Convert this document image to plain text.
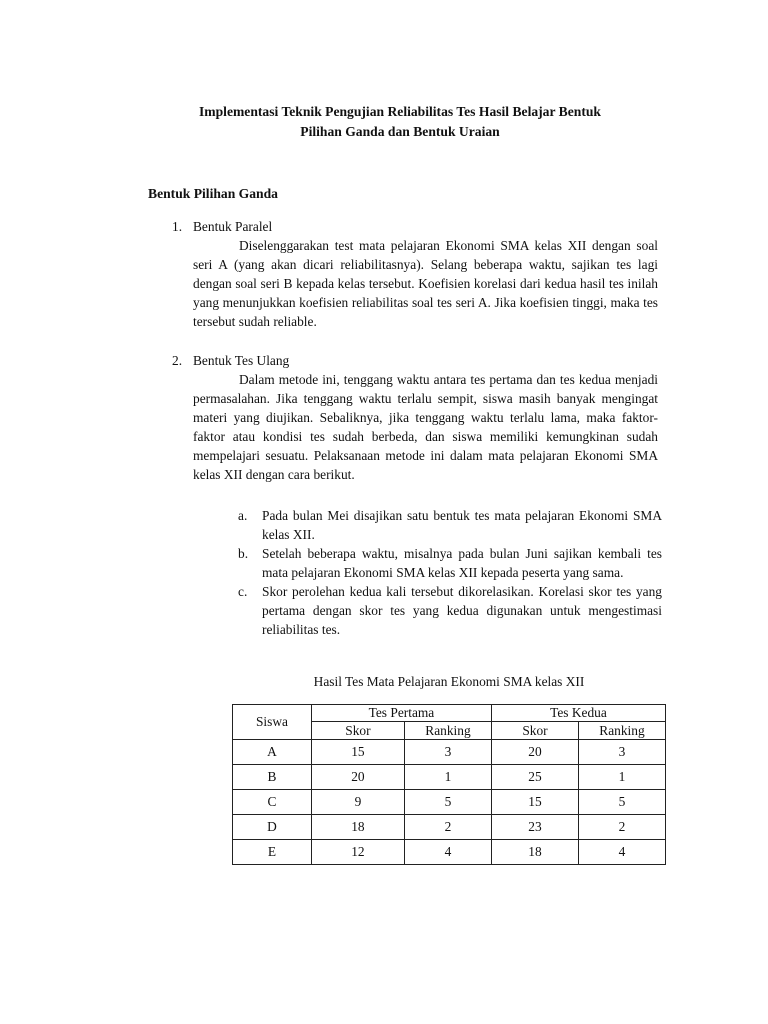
Implementasi Teknik Pengujian Reliabilitas Tes Hasil Belajar Bentuk
Pilihan Ganda dan Bentuk Uraian
Bentuk Pilihan Ganda
1. Bentuk Paralel
Diselenggarakan test mata pelajaran Ekonomi SMA kelas XII dengan soal seri A (yang akan dicari reliabilitasnya). Selang beberapa waktu, sajikan tes lagi dengan soal seri B kepada kelas tersebut. Koefisien korelasi dari kedua hasil tes inilah yang menunjukkan koefisien reliabilitas soal tes seri A. Jika koefisien tinggi, maka tes tersebut sudah reliable.
2. Bentuk Tes Ulang
Dalam metode ini, tenggang waktu antara tes pertama dan tes kedua menjadi permasalahan. Jika tenggang waktu terlalu sempit, siswa masih banyak mengingat materi yang diujikan. Sebaliknya, jika tenggang waktu terlalu lama, maka faktor-faktor atau kondisi tes sudah berbeda, dan siswa memiliki kemungkinan sudah mempelajari sesuatu. Pelaksanaan metode ini dalam mata pelajaran Ekonomi SMA kelas XII dengan cara berikut.
a. Pada bulan Mei disajikan satu bentuk tes mata pelajaran Ekonomi SMA kelas XII.
b. Setelah beberapa waktu, misalnya pada bulan Juni sajikan kembali tes mata pelajaran Ekonomi SMA kelas XII kepada peserta yang sama.
c. Skor perolehan kedua kali tersebut dikorelasikan. Korelasi skor tes yang pertama dengan skor tes yang kedua digunakan untuk mengestimasi reliabilitas tes.
Hasil Tes Mata Pelajaran Ekonomi SMA kelas XII
Siswa	Tes Pertama		Tes Kedua	
	Skor	Ranking	Skor	Ranking
A	15	3	20	3
B	20	1	25	1
C	9	5	15	5
D	18	2	23	2
E	12	4	18	4
